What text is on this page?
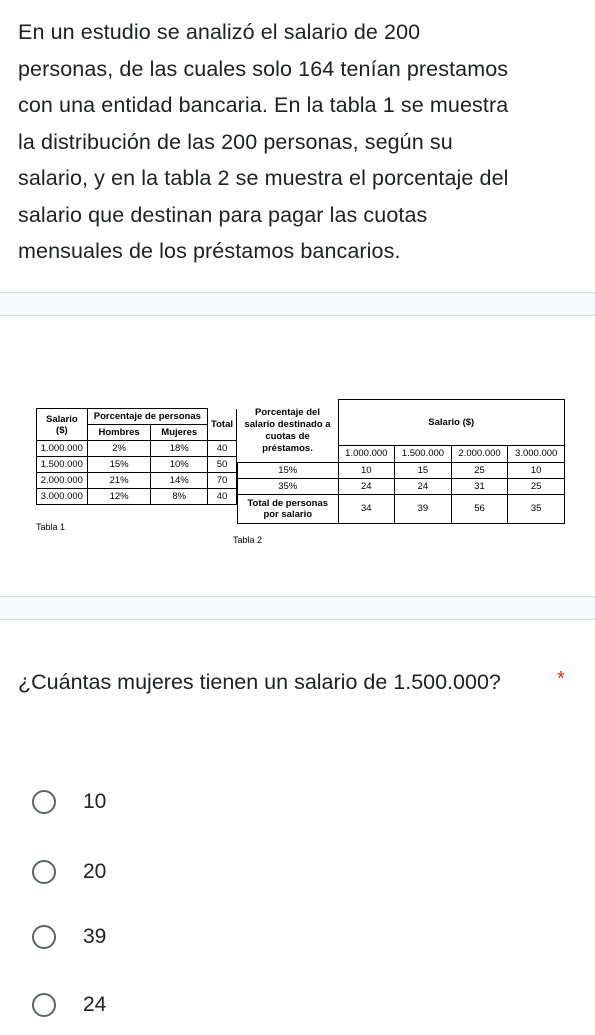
En un estudio se analizó el salario de 200
personas, de las cuales solo 164 tenían prestamos
con una entidad bancaria. En la tabla 1 se muestra
la distribución de las 200 personas, según su
salario, y en la tabla 2 se muestra el porcentaje del
salario que destinan para pagar las cuotas
mensuales de los préstamos bancarios.
Salario
($)	Porcentaje de personas		Total
	Hombres	Mujeres	
1.000.000	2%	18%	40
1.500.000	15%	10%	50
2.000.000	21%	14%	70
3.000.000	12%	8%	40
Tabla 1
Porcentaje del salario destinado a cuotas de préstamos.	Salario ($)			
	1.000.000	1.500.000	2.000.000	3.000.000
15%	10	15	25	10
35%	24	24	31	25
Total de personas por salario	34	39	56	35
Tabla 2
¿Cuántas mujeres tienen un salario de 1.500.000?	*
10
20
39
24
